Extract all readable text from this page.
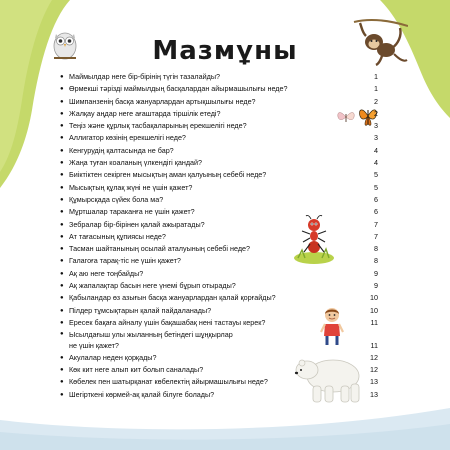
Мазмұны
● Маймылдар неге бір-бірінің түгін тазалайды?	1
● Өрмекші тәрізді маймылдың басқалардан айырмашылығы неде?	1
● Шимпанзенің басқа жануарлардан артықшылығы неде?	2
● Жалқау аңдар неге ағаштарда тіршілік етеді?	2
● Теңіз және құрлық тасбақаларының ерекшелігі неде?	3
● Аллигатор көзінің ерекшелігі неде?	3
● Кенгурудің қалтасында не бар?	4
● Жаңа туған коаланың үлкендігі қандай?	4
● Биіктіктен секірген мысықтың аман қалуының себебі неде?	5
● Мысықтың құлақ жүні не үшін қажет?	5
● Құмырсқада сүйек бола ма?	6
● Мұртшалар тараканға не үшін қажет?	6
● Зебралар бір-бірінен қалай ажыратады?	7
● Ат тағасының құпиясы неде?	7
● Тасман шайтанының осылай аталуының себебі неде?	8
● Галагоға тарақ-тіс не үшін қажет?	8
● Ақ аю неге тоңбайды?	9
● Ақ жапалақтар басын неге үнемі бұрып отырады?	9
● Қабыландар өз азығын басқа жануарлардан қалай қорғайды?	10
● Пілдер тұмсықтарын қалай пайдаланады?	10
● Ересек бақаға айналу үшін бақашабақ нені тастауы керек?	11
● Ысылдағыш улы жыланның бетіндегі шұңқырлар
не үшін қажет?	11
● Акулалар неден қорқады?	12
● Көк кит неге алып кит болып саналады?	12
● Көбелек пен шатырқанат көбелектің айырмашылығы неде?	13
● Шегірткені көрмей-ақ қалай білуге болады?	13
